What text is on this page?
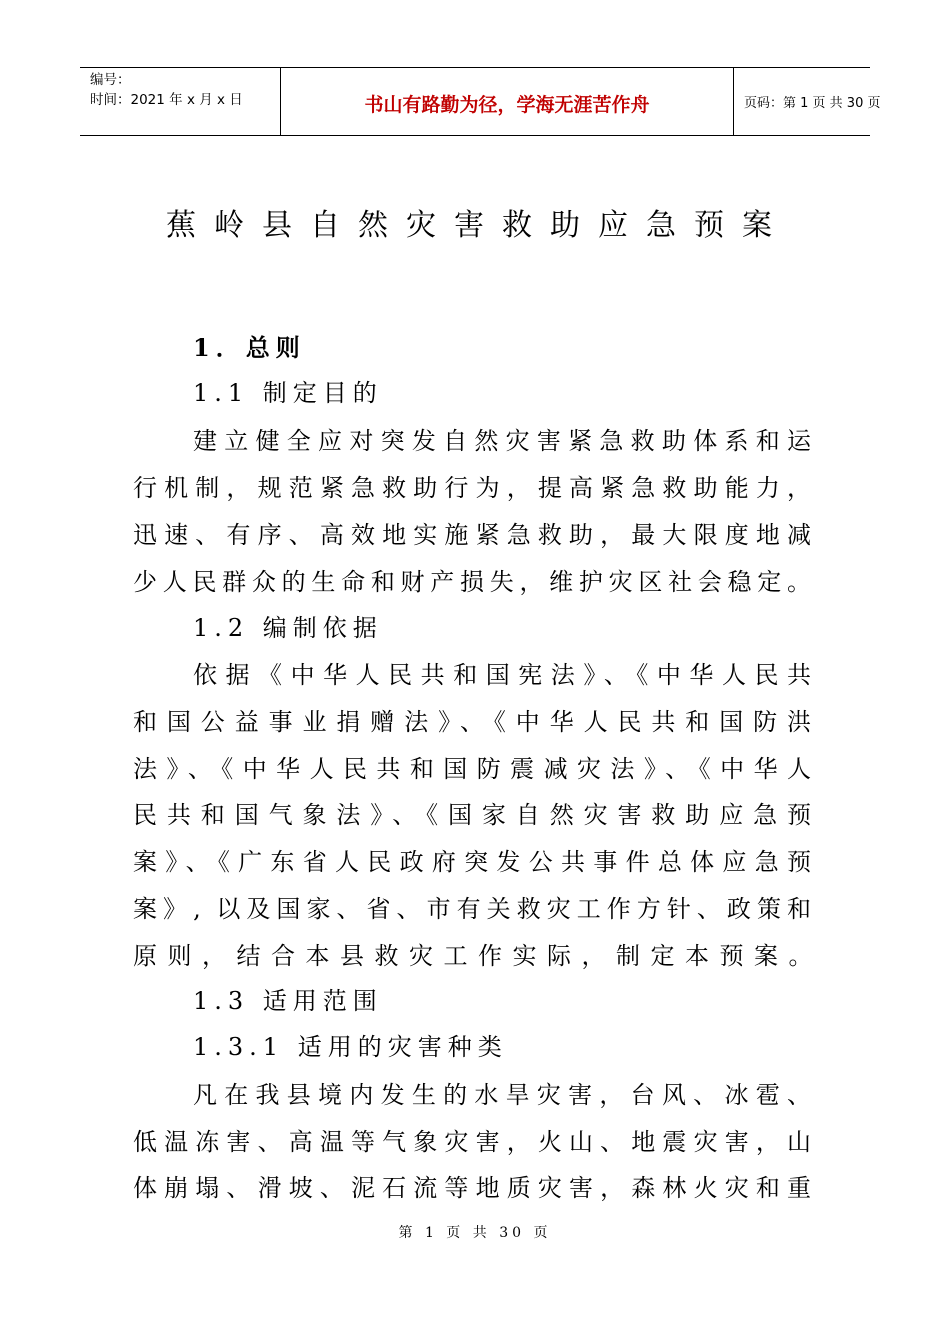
编号：
时间：2021 年 x 月 x 日	书山有路勤为径，学海无涯苦作舟	页码：第 1 页 共 30 页
蕉岭县自然灾害救助应急预案
1．总则
1.1 制定目的
建立健全应对突发自然灾害紧急救助体系和运
行机制，规范紧急救助行为，提高紧急救助能力，
迅速、有序、高效地实施紧急救助，最大限度地减
少人民群众的生命和财产损失，维护灾区社会稳定。
1.2 编制依据
依据《中华人民共和国宪法》、《中华人民共
和国公益事业捐赠法》、《中华人民共和国防洪
法》、《中华人民共和国防震减灾法》、《中华人
民共和国气象法》、《国家自然灾害救助应急预
案》、《广东省人民政府突发公共事件总体应急预
案》, 以及国家、省、市有关救灾工作方针、政策和
原则，结合本县救灾工作实际，制定本预案。
1.3 适用范围
1.3.1 适用的灾害种类
凡在我县境内发生的水旱灾害，台风、冰雹、
低温冻害、高温等气象灾害，火山、地震灾害，山
体崩塌、滑坡、泥石流等地质灾害，森林火灾和重
第 1 页 共 30 页
